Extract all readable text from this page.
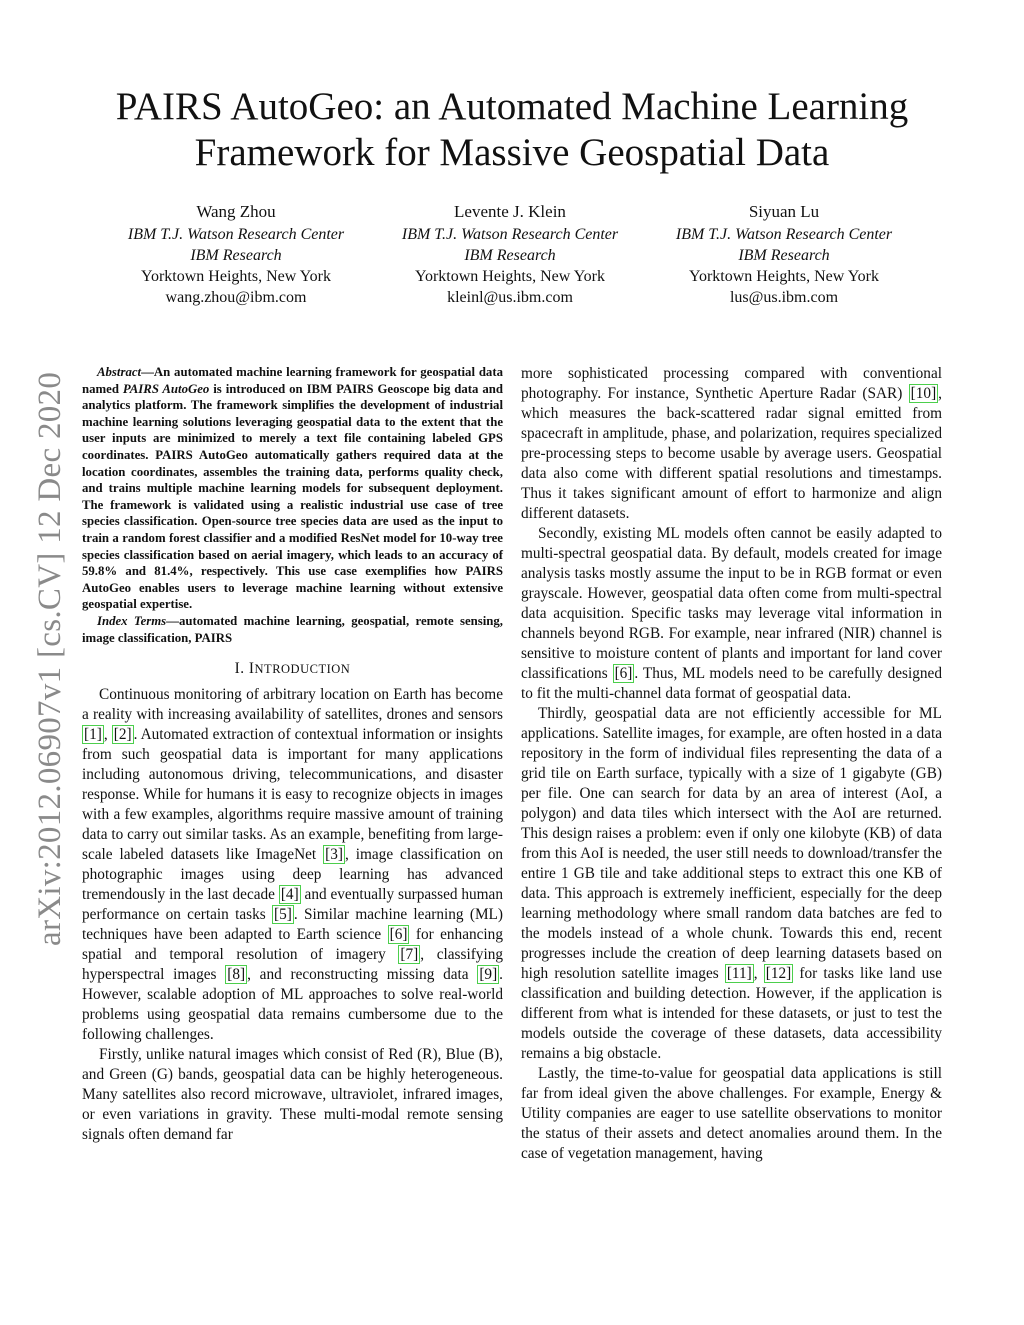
PAIRS AutoGeo: an Automated Machine Learning
Framework for Massive Geospatial Data
Wang Zhou
IBM T.J. Watson Research Center
IBM Research
Yorktown Heights, New York
wang.zhou@ibm.com
Levente J. Klein
IBM T.J. Watson Research Center
IBM Research
Yorktown Heights, New York
kleinl@us.ibm.com
Siyuan Lu
IBM T.J. Watson Research Center
IBM Research
Yorktown Heights, New York
lus@us.ibm.com
arXiv:2012.06907v1 [cs.CV] 12 Dec 2020	Abstract—An automated machine learning framework for geospatial data named PAIRS AutoGeo is introduced on IBM PAIRS Geoscope big data and analytics platform. The framework simplifies the development of industrial machine learning solutions leveraging geospatial data to the extent that the user inputs are minimized to merely a text file containing labeled GPS coordinates. PAIRS AutoGeo automatically gathers required data at the location coordinates, assembles the training data, performs quality check, and trains multiple machine learning models for subsequent deployment. The framework is validated using a realistic industrial use case of tree species classification. Open-source tree species data are used as the input to train a random forest classifier and a modified ResNet model for 10-way tree species classification based on aerial imagery, which leads to an accuracy of 59.8% and 81.4%, respectively. This use case exemplifies how PAIRS AutoGeo enables users to leverage machine learning without extensive geospatial expertise.

Index Terms—automated machine learning, geospatial, remote sensing, image classification, PAIRS

I. INTRODUCTION

Continuous monitoring of arbitrary location on Earth has become a reality with increasing availability of satellites, drones and sensors [1] , [2] . Automated extraction of contextual information or insights from such geospatial data is important for many applications including autonomous driving, telecommunications, and disaster response. While for humans it is easy to recognize objects in images with a few examples, algorithms require massive amount of training data to carry out similar tasks. As an example, benefiting from large-scale labeled datasets like ImageNet [3] , image classification on photographic images using deep learning has advanced tremendously in the last decade [4] and eventually surpassed human performance on certain tasks [5] . Similar machine learning (ML) techniques have been adapted to Earth science [6] for enhancing spatial and temporal resolution of imagery [7] , classifying hyperspectral images [8] , and reconstructing missing data [9] . However, scalable adoption of ML approaches to solve real-world problems using geospatial data remains cumbersome due to the following challenges.

Firstly, unlike natural images which consist of Red (R), Blue (B), and Green (G) bands, geospatial data can be highly heterogeneous. Many satellites also record microwave, ultraviolet, infrared images, or even variations in gravity. These multi-modal remote sensing signals often demand far

more sophisticated processing compared with conventional photography. For instance, Synthetic Aperture Radar (SAR) [10] , which measures the back-scattered radar signal emitted from spacecraft in amplitude, phase, and polarization, requires specialized pre-processing steps to become usable by average users. Geospatial data also come with different spatial resolutions and timestamps. Thus it takes significant amount of effort to harmonize and align different datasets.

Secondly, existing ML models often cannot be easily adapted to multi-spectral geospatial data. By default, models created for image analysis tasks mostly assume the input to be in RGB format or even grayscale. However, geospatial data often come from multi-spectral data acquisition. Specific tasks may leverage vital information in channels beyond RGB. For example, near infrared (NIR) channel is sensitive to moisture content of plants and important for land cover classifications [6] . Thus, ML models need to be carefully designed to fit the multi-channel data format of geospatial data.

Thirdly, geospatial data are not efficiently accessible for ML applications. Satellite images, for example, are often hosted in a data repository in the form of individual files representing the data of a grid tile on Earth surface, typically with a size of 1 gigabyte (GB) per file. One can search for data by an area of interest (AoI, a polygon) and data tiles which intersect with the AoI are returned. This design raises a problem: even if only one kilobyte (KB) of data from this AoI is needed, the user still needs to download/transfer the entire 1 GB tile and take additional steps to extract this one KB of data. This approach is extremely inefficient, especially for the deep learning methodology where small random data batches are fed to the models instead of a whole chunk. Towards this end, recent progresses include the creation of deep learning datasets based on high resolution satellite images [11] , [12] for tasks like land use classification and building detection. However, if the application is different from what is intended for these datasets, or just to test the models outside the coverage of these datasets, data accessibility remains a big obstacle.

Lastly, the time-to-value for geospatial data applications is still far from ideal given the above challenges. For example, Energy & Utility companies are eager to use satellite observations to monitor the status of their assets and detect anomalies around them. In the case of vegetation management, having
